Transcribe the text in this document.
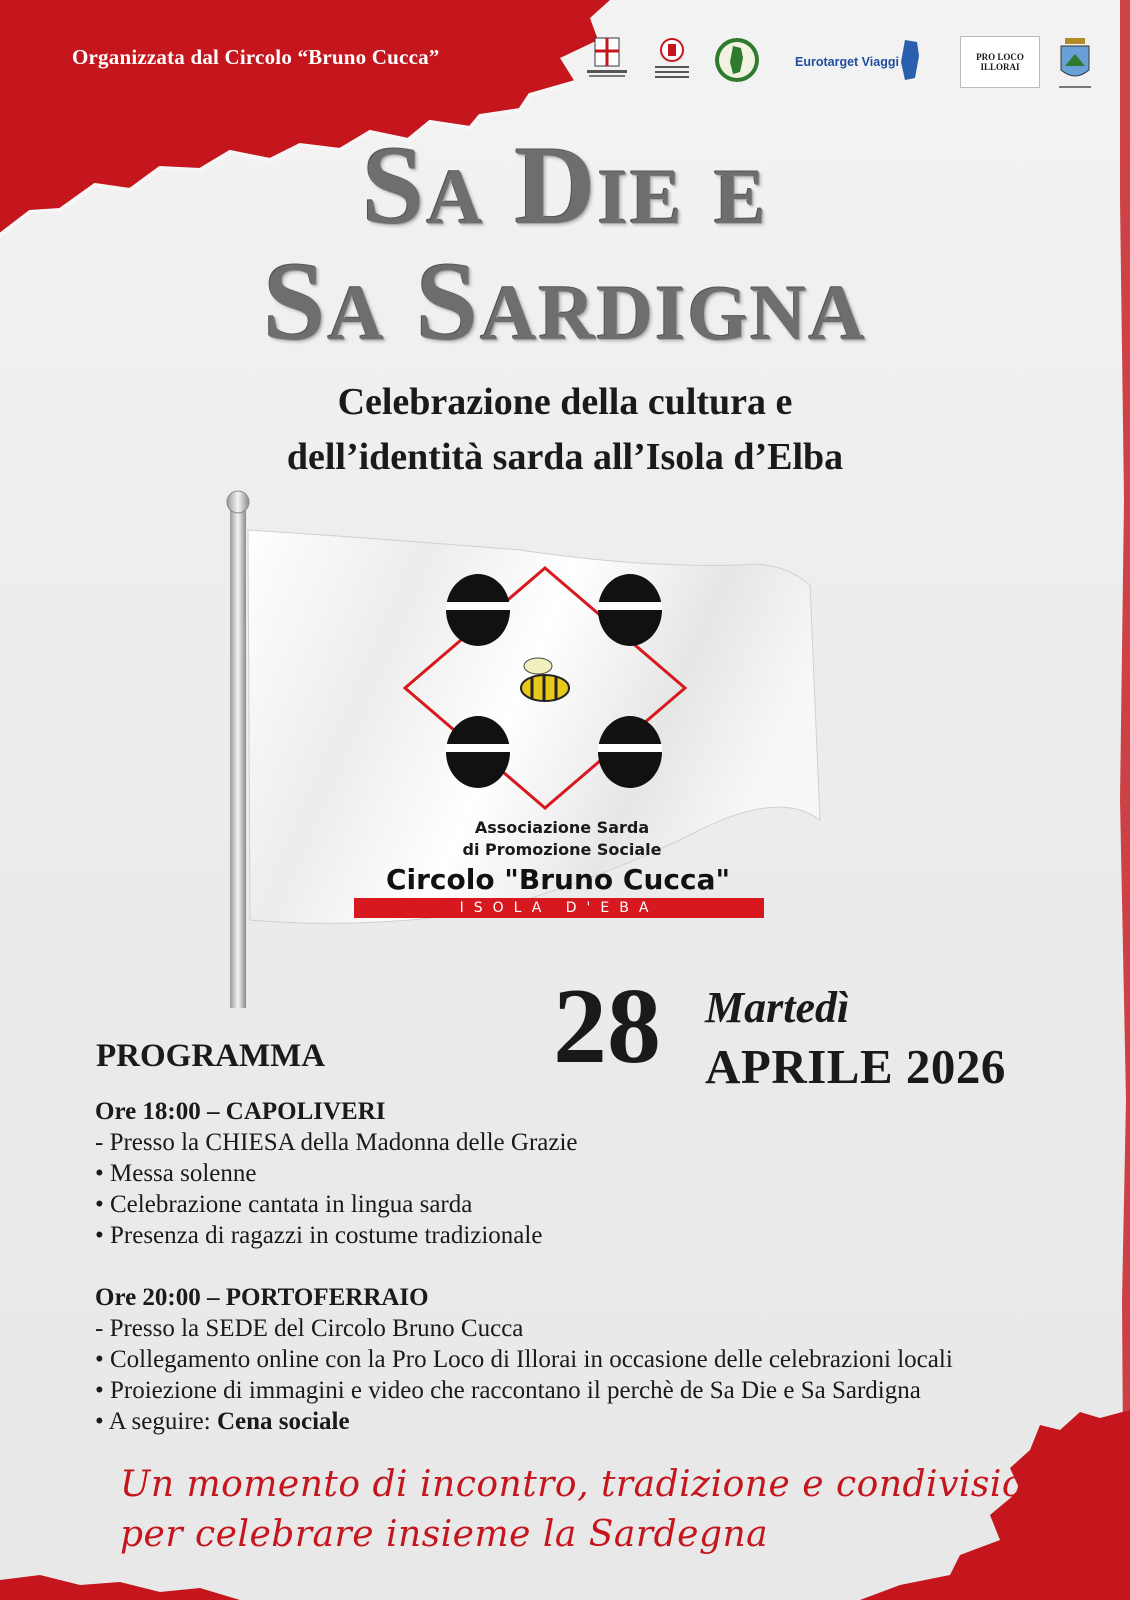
Organizzata dal Circolo “Bruno Cucca”	Eurotarget Viaggi	PRO LOCO
ILLORAI
Sa Die e
Sa Sardigna
Celebrazione della cultura e
dell’identità sarda all’Isola d’Elba
Associazione Sarda
di Promozione Sociale
Circolo "Bruno Cucca"
ISOLA D'EBA
28 Martedì
APRILE 2026
PROGRAMMA
Ore 18:00 – CAPOLIVERI
- Presso la CHIESA della Madonna delle Grazie
• Messa solenne
• Celebrazione cantata in lingua sarda
• Presenza di ragazzi in costume tradizionale
Ore 20:00 – PORTOFERRAIO
- Presso la SEDE del Circolo Bruno Cucca
• Collegamento online con la Pro Loco di Illorai in occasione delle celebrazioni locali
• Proiezione di immagini e video che raccontano il perchè de Sa Die e Sa Sardigna
• A seguire: Cena sociale
Un momento di incontro, tradizione e condivisione
per celebrare insieme la Sardegna
